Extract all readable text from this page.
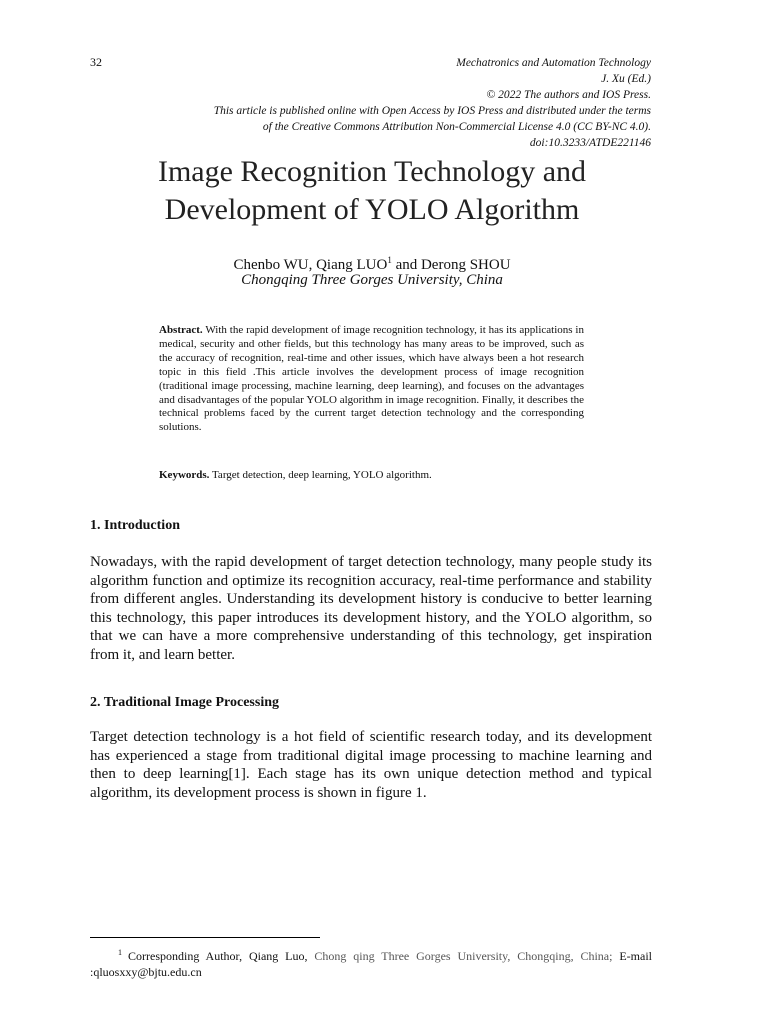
32	Mechatronics and Automation Technology
J. Xu (Ed.)
© 2022 The authors and IOS Press.
This article is published online with Open Access by IOS Press and distributed under the terms
of the Creative Commons Attribution Non-Commercial License 4.0 (CC BY-NC 4.0).
doi:10.3233/ATDE221146
Image Recognition Technology and
Development of YOLO Algorithm
Chenbo WU, Qiang LUO$^1$ and Derong SHOU
Chongqing Three Gorges University, China
Abstract. With the rapid development of image recognition technology, it has its applications in medical, security and other fields, but this technology has many areas to be improved, such as the accuracy of recognition, real-time and other issues, which have always been a hot research topic in this field .This article involves the development process of image recognition (traditional image processing, machine learning, deep learning), and focuses on the advantages and disadvantages of the popular YOLO algorithm in image recognition. Finally, it describes the technical problems faced by the current target detection technology and the corresponding solutions.
Keywords. Target detection, deep learning, YOLO algorithm.
1. Introduction
Nowadays, with the rapid development of target detection technology, many people study its algorithm function and optimize its recognition accuracy, real-time performance and stability from different angles. Understanding its development history is conducive to better learning this technology, this paper introduces its development history, and the YOLO algorithm, so that we can have a more comprehensive understanding of this technology, get inspiration from it, and learn better.
2. Traditional Image Processing
Target detection technology is a hot field of scientific research today, and its development has experienced a stage from traditional digital image processing to machine learning and then to deep learning[1]. Each stage has its own unique detection method and typical algorithm, its development process is shown in figure 1.
$^1$ Corresponding Author, Qiang Luo, Chong qing Three Gorges University, Chongqing, China; E-mail :qluosxxy@bjtu.edu.cn
